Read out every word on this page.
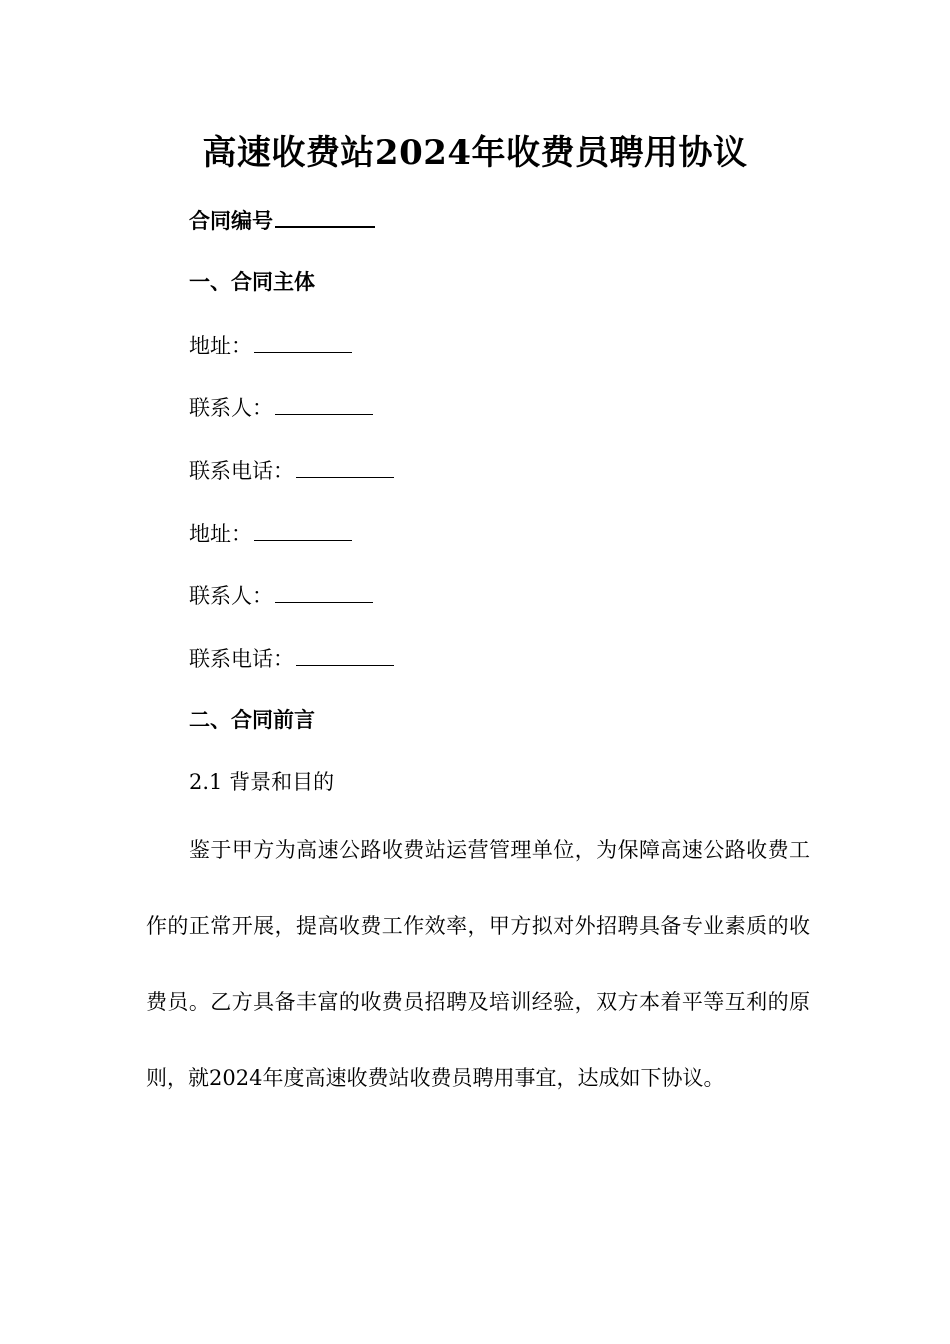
高速收费站2024年收费员聘用协议
合同编号
一、合同主体
地址：
联系人：
联系电话：
地址：
联系人：
联系电话：
二、合同前言
2.1 背景和目的
鉴于甲方为高速公路收费站运营管理单位，为保障高速公路收费工作的正常开展，提高收费工作效率，甲方拟对外招聘具备专业素质的收费员。乙方具备丰富的收费员招聘及培训经验，双方本着平等互利的原则，就2024年度高速收费站收费员聘用事宜，达成如下协议。
